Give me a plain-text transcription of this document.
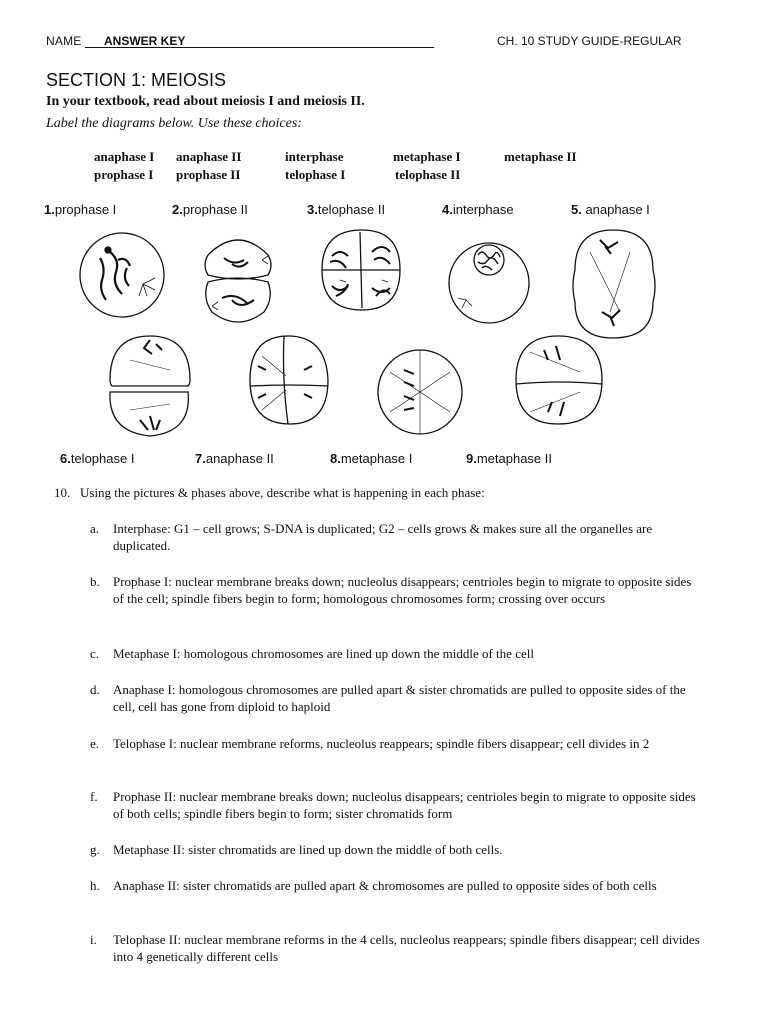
NAME ANSWER KEY	CH. 10 STUDY GUIDE-REGULAR
SECTION 1: MEIOSIS
In your textbook, read about meiosis I and meiosis II.
Label the diagrams below. Use these choices:
anaphase I anaphase II	interphase	metaphase I	metaphase II
prophase I prophase II	telophase I	telophase II
1.prophase I	2.prophase II	3.telophase II	4.interphase	5. anaphase I
6.telophase I	7.anaphase II	8.metaphase I	9.metaphase II
10. Using the pictures & phases above, describe what is happening in each phase:
a. Interphase: G1 – cell grows; S-DNA is duplicated; G2 – cells grows & makes sure all the organelles are duplicated.
b. Prophase I: nuclear membrane breaks down; nucleolus disappears; centrioles begin to migrate to opposite sides of the cell; spindle fibers begin to form; homologous chromosomes form; crossing over occurs
c. Metaphase I: homologous chromosomes are lined up down the middle of the cell
d. Anaphase I: homologous chromosomes are pulled apart & sister chromatids are pulled to opposite sides of the cell, cell has gone from diploid to haploid
e. Telophase I: nuclear membrane reforms, nucleolus reappears; spindle fibers disappear; cell divides in 2
f. Prophase II: nuclear membrane breaks down; nucleolus disappears; centrioles begin to migrate to opposite sides of both cells; spindle fibers begin to form; sister chromatids form
g. Metaphase II: sister chromatids are lined up down the middle of both cells.
h. Anaphase II: sister chromatids are pulled apart & chromosomes are pulled to opposite sides of both cells
i. Telophase II: nuclear membrane reforms in the 4 cells, nucleolus reappears; spindle fibers disappear; cell divides into 4 genetically different cells
